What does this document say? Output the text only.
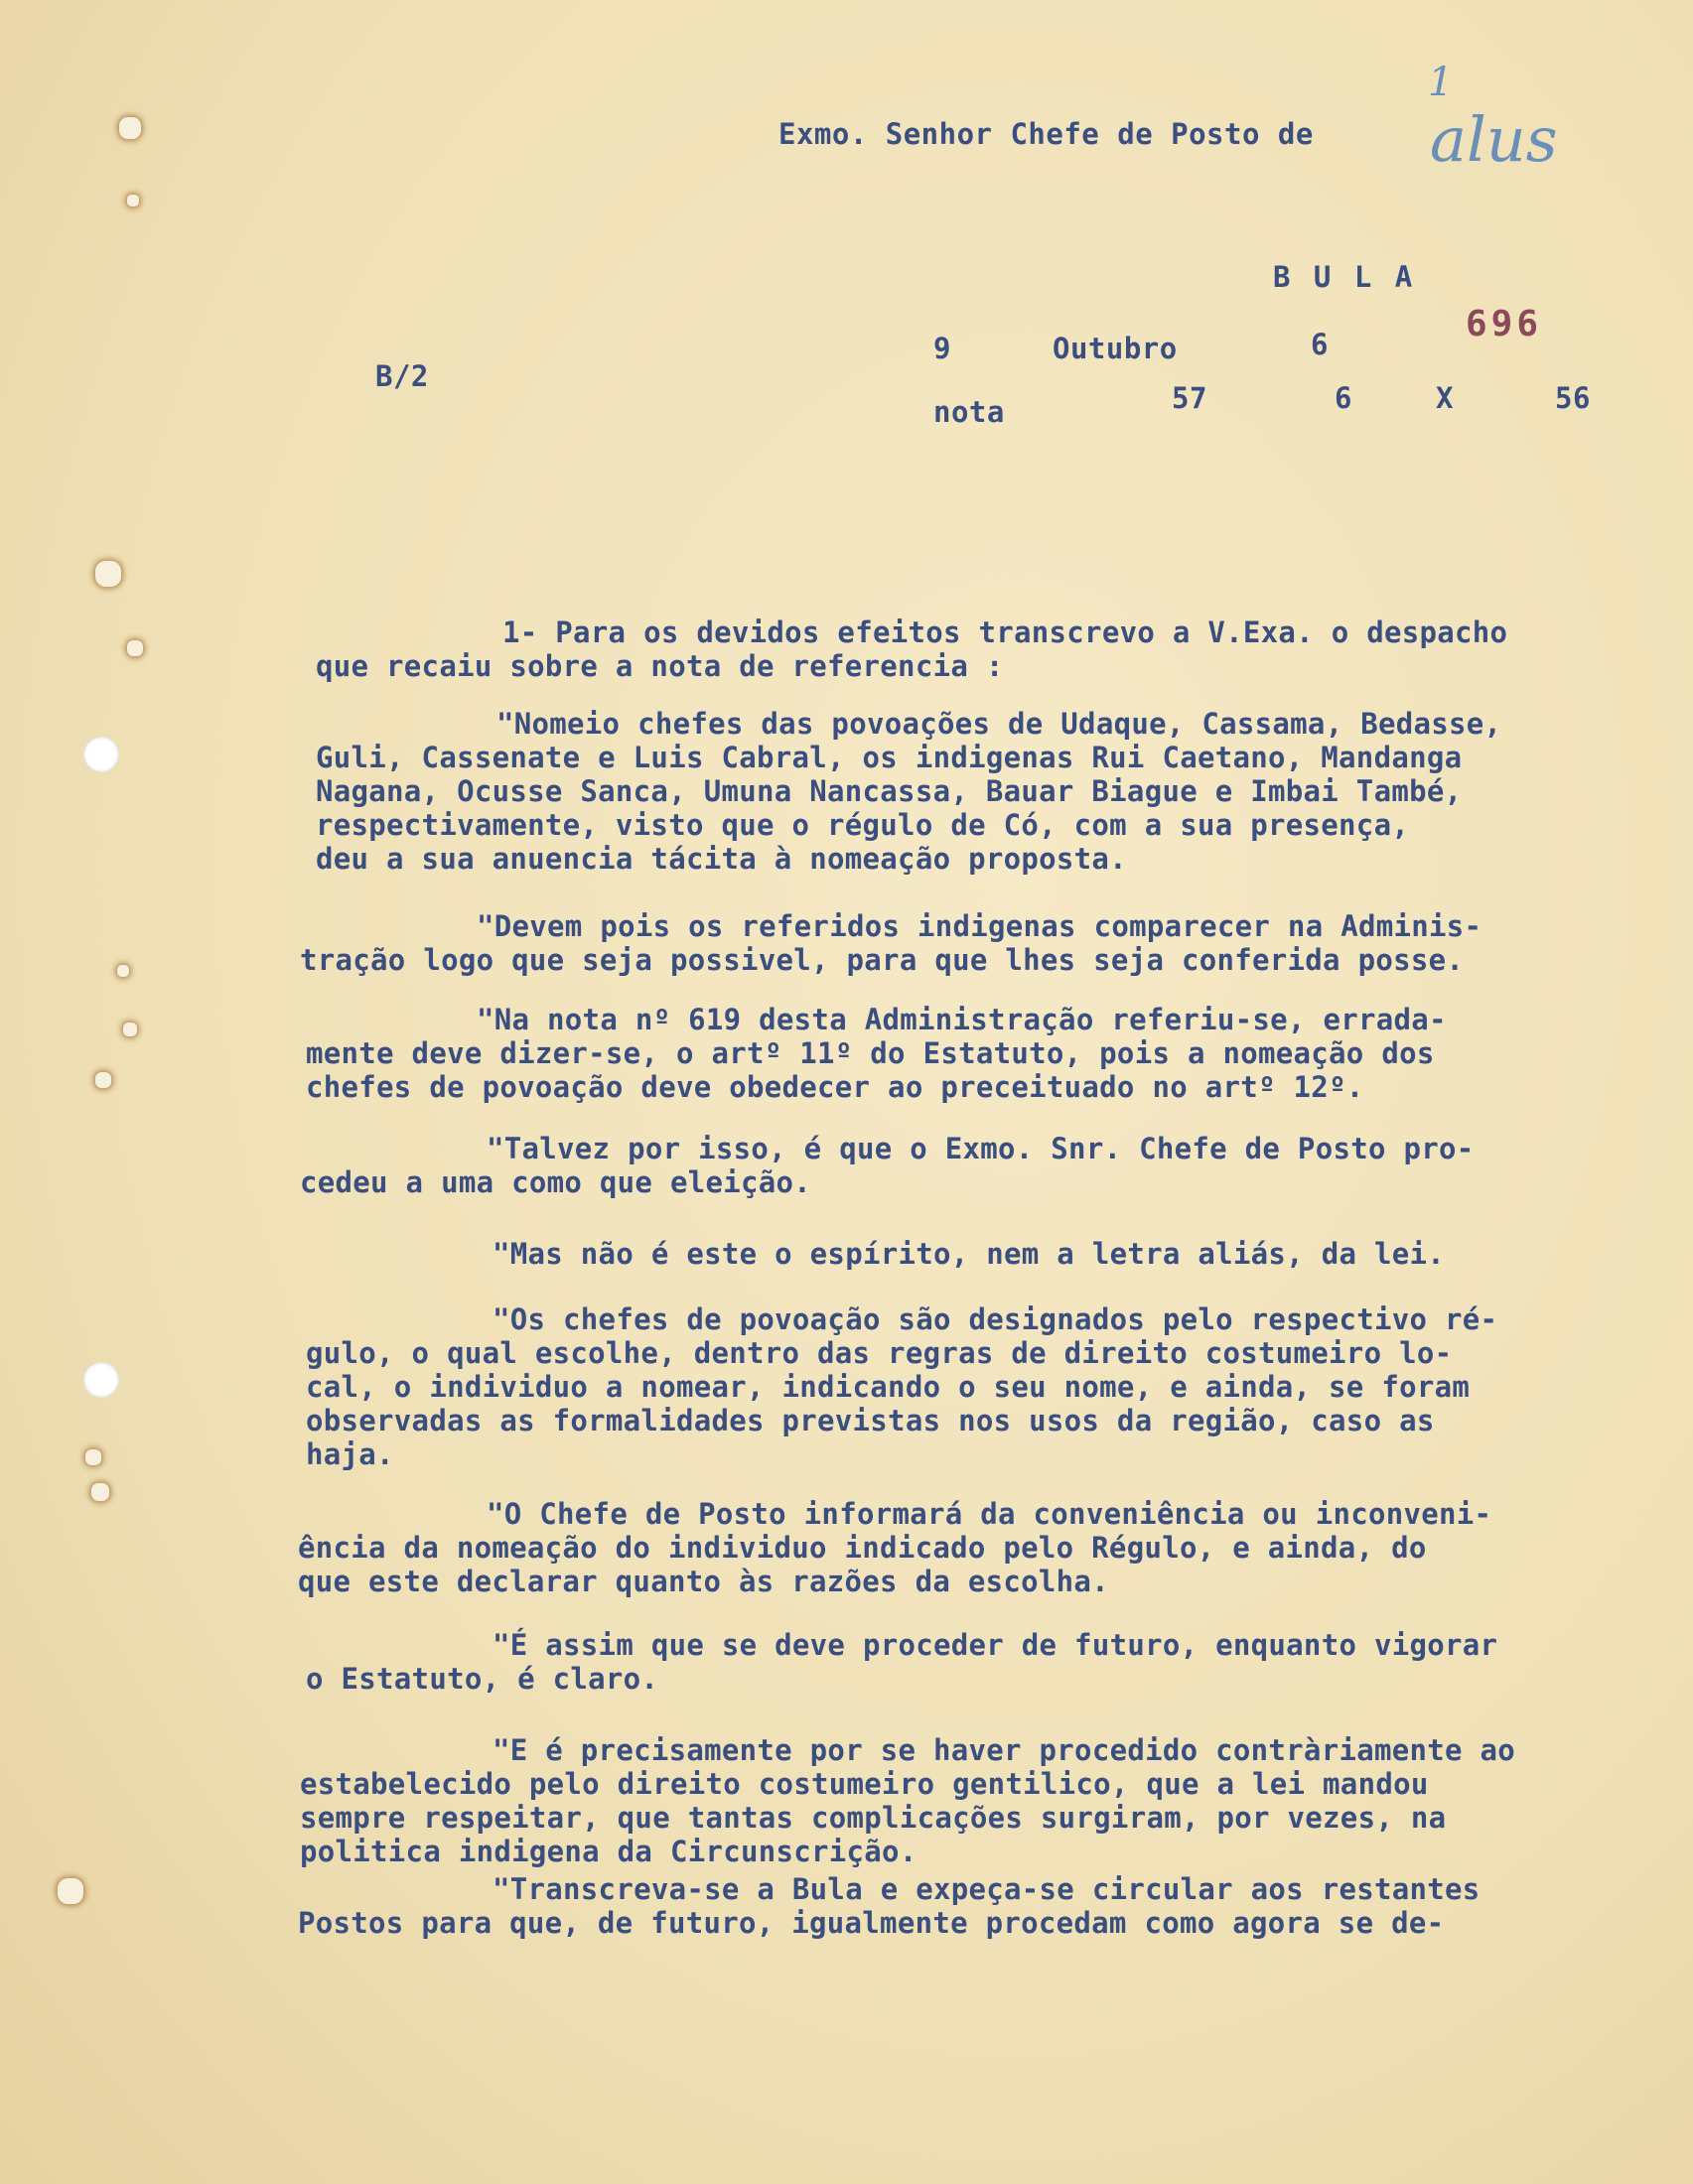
Exmo. Senhor Chefe de Posto de
1
alus
B U L A
696
B/2
9	Outubro	6
nota	57	6	X	56

1- Para os devidos efeitos transcrevo a V.Exa. o despacho

que recaiu sobre a nota de referencia :

"Nomeio chefes das povoações de Udaque, Cassama, Bedasse,

Guli, Cassenate e Luis Cabral, os indigenas Rui Caetano, Mandanga

Nagana, Ocusse Sanca, Umuna Nancassa, Bauar Biague e Imbai També,

respectivamente, visto que o régulo de Có, com a sua presença,

deu a sua anuencia tácita à nomeação proposta.

"Devem pois os referidos indigenas comparecer na Adminis-

tração logo que seja possivel, para que lhes seja conferida posse.

"Na nota nº 619 desta Administração referiu-se, errada-

mente deve dizer-se, o artº 11º do Estatuto, pois a nomeação dos

chefes de povoação deve obedecer ao preceituado no artº 12º.

"Talvez por isso, é que o Exmo. Snr. Chefe de Posto pro-

cedeu a uma como que eleição.

"Mas não é este o espírito, nem a letra aliás, da lei.

"Os chefes de povoação são designados pelo respectivo ré-

gulo, o qual escolhe, dentro das regras de direito costumeiro lo-

cal, o individuo a nomear, indicando o seu nome, e ainda, se foram

observadas as formalidades previstas nos usos da região, caso as

haja.

"O Chefe de Posto informará da conveniência ou inconveni-

ência da nomeação do individuo indicado pelo Régulo, e ainda, do

que este declarar quanto às razões da escolha.

"É assim que se deve proceder de futuro, enquanto vigorar

o Estatuto, é claro.

"E é precisamente por se haver procedido contràriamente ao

estabelecido pelo direito costumeiro gentilico, que a lei mandou

sempre respeitar, que tantas complicações surgiram, por vezes, na

politica indigena da Circunscrição.

"Transcreva-se a Bula e expeça-se circular aos restantes

Postos para que, de futuro, igualmente procedam como agora se de-
